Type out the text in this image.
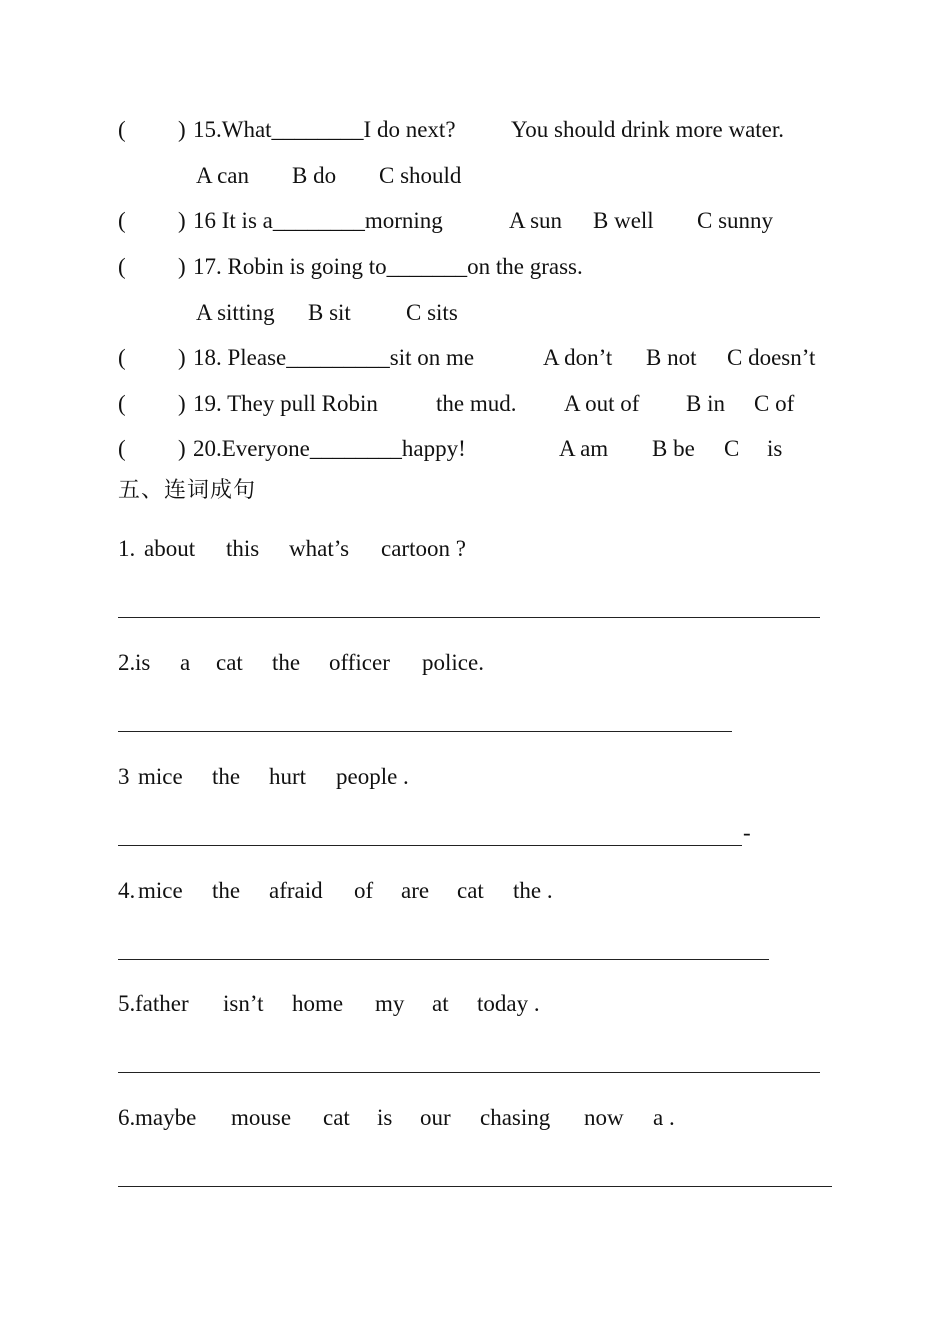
( ) 15.What________I do next? You should drink more water.
A can B do C should
( ) 16 It is a________morning	A sun B well C sunny
( ) 17. Robin is going to_______on the grass.
A sitting B sit C sits
( ) 18. Please_________sit on me	A don’t B not C doesn’t
( ) 19. They pull Robin	the mud. A out of B in C of
( ) 20.Everyone________happy!	A am B be C is
五、连词成句
1. about this what’s cartoon ?
2. is a cat the officer police.
3 mice the hurt people .
-
4. mice the afraid of are cat the .
5. father isn’t home my at today .
6. maybe mouse cat is our chasing now a .
